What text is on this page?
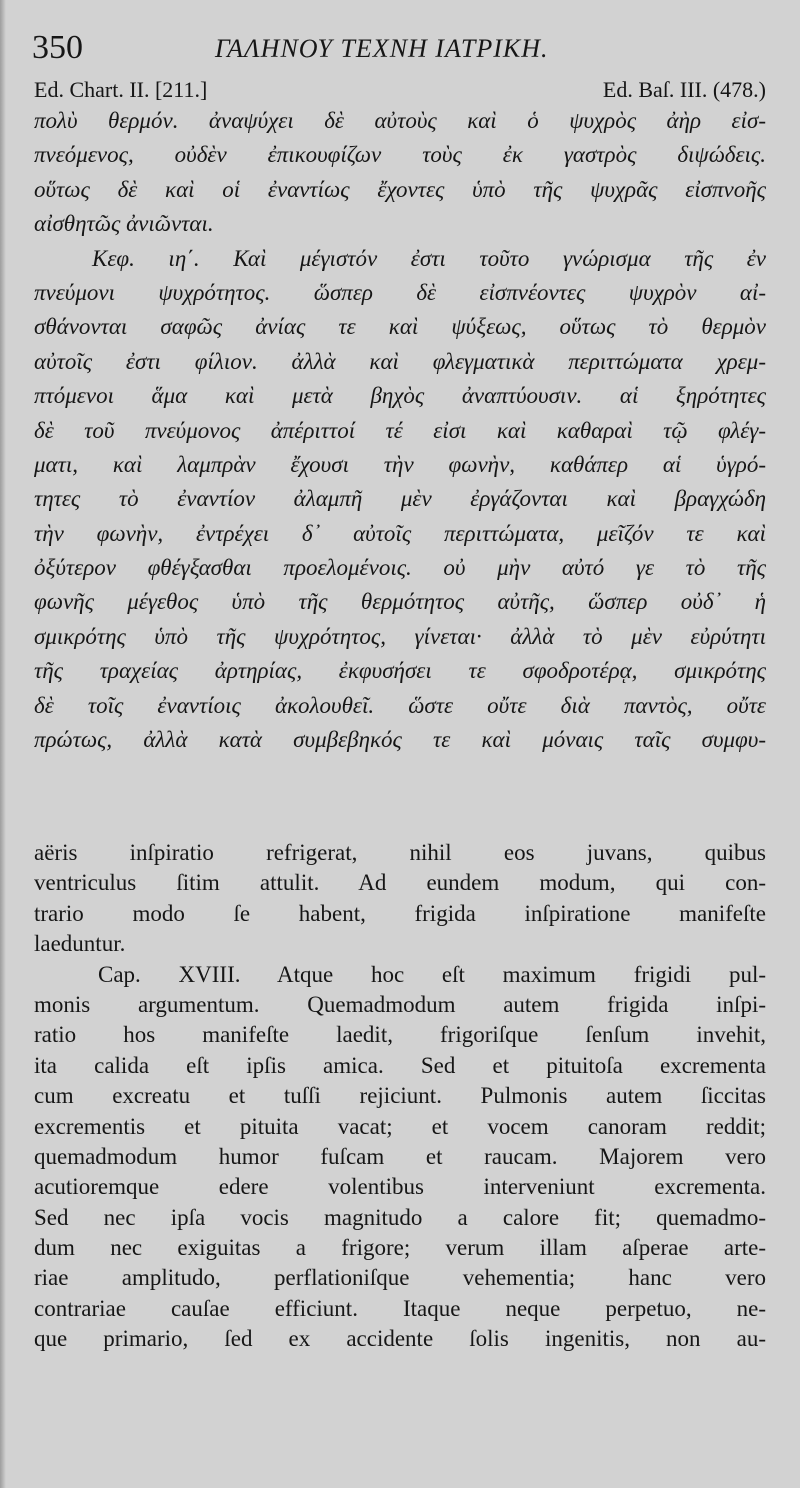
350	ΓΑΛΗΝΟΥ ΤΕΧΝΗ ΙΑΤΡΙΚΗ.
Ed. Chart. II. [211.]	Ed. Baſ. III. (478.)
πολὺ θερμόν. ἀναψύχει δὲ αὐτοὺς καὶ ὁ ψυχρὸς ἀὴρ εἰσ-
πνεόμενος, οὐδὲν ἐπικουφίζων τοὺς ἐκ γαστρὸς διψώδεις.
οὕτως δὲ καὶ οἱ ἐναντίως ἔχοντες ὑπὸ τῆς ψυχρᾶς εἰσπνοῆς
αἰσθητῶς ἀνιῶνται.
Κεφ. ιη΄. Καὶ μέγιστόν ἐστι τοῦτο γνώρισμα τῆς ἐν
πνεύμονι ψυχρότητος. ὥσπερ δὲ εἰσπνέοντες ψυχρὸν αἰ-
σθάνονται σαφῶς ἀνίας τε καὶ ψύξεως, οὕτως τὸ θερμὸν
αὐτοῖς ἐστι φίλιον. ἀλλὰ καὶ φλεγματικὰ περιττώματα χρεμ-
πτόμενοι ἅμα καὶ μετὰ βηχὸς ἀναπτύουσιν. αἱ ξηρότητες
δὲ τοῦ πνεύμονος ἀπέριττοί τέ εἰσι καὶ καθαραὶ τῷ φλέγ-
ματι, καὶ λαμπρὰν ἔχουσι τὴν φωνὴν, καθάπερ αἱ ὑγρό-
τητες τὸ ἐναντίον ἀλαμπῆ μὲν ἐργάζονται καὶ βραγχώδη
τὴν φωνὴν, ἐντρέχει δ᾽ αὐτοῖς περιττώματα, μεῖζόν τε καὶ
ὀξύτερον φθέγξασθαι προελομένοις. οὐ μὴν αὐτό γε τὸ τῆς
φωνῆς μέγεθος ὑπὸ τῆς θερμότητος αὐτῆς, ὥσπερ οὐδ᾽ ἡ
σμικρότης ὑπὸ τῆς ψυχρότητος, γίνεται· ἀλλὰ τὸ μὲν εὐρύτητι
τῆς τραχείας ἀρτηρίας, ἐκφυσήσει τε σφοδροτέρᾳ, σμικρότης
δὲ τοῖς ἐναντίοις ἀκολουθεῖ. ὥστε οὔτε διὰ παντὸς, οὔτε
πρώτως, ἀλλὰ κατὰ συμβεβηκός τε καὶ μόναις ταῖς συμφυ-
aëris inſpiratio refrigerat, nihil eos juvans, quibus
ventriculus ſitim attulit. Ad eundem modum, qui con-
trario modo ſe habent, frigida inſpiratione manifeſte
laeduntur.
Cap. XVIII. Atque hoc eſt maximum frigidi pul-
monis argumentum. Quemadmodum autem frigida inſpi-
ratio hos manifeſte laedit, frigoriſque ſenſum invehit,
ita calida eſt ipſis amica. Sed et pituitoſa excrementa
cum excreatu et tuſſi rejiciunt. Pulmonis autem ſiccitas
excrementis et pituita vacat; et vocem canoram reddit;
quemadmodum humor fuſcam et raucam. Majorem vero
acutioremque edere volentibus interveniunt excrementa.
Sed nec ipſa vocis magnitudo a calore fit; quemadmo-
dum nec exiguitas a frigore; verum illam aſperae arte-
riae amplitudo, perflationiſque vehementia; hanc vero
contrariae cauſae efficiunt. Itaque neque perpetuo, ne-
que primario, ſed ex accidente ſolis ingenitis, non au-
